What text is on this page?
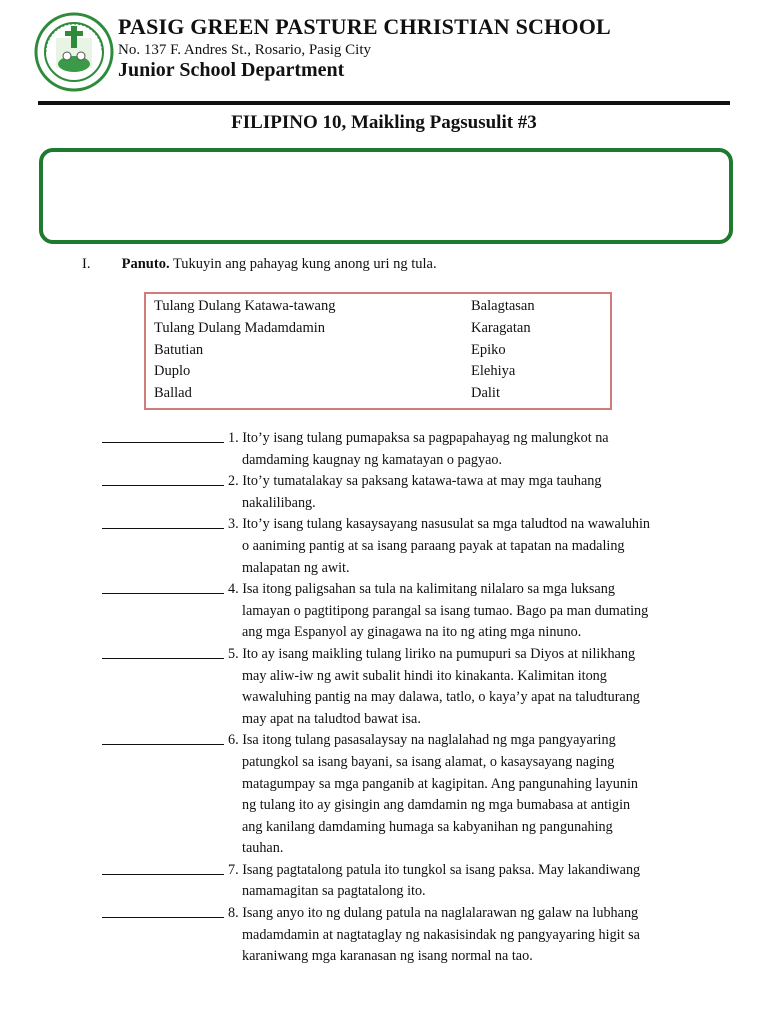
PASIG GREEN PASTURE CHRISTIAN SCHOOL
No. 137 F. Andres St., Rosario, Pasig City
Junior School Department
FILIPINO 10, Maikling Pagsusulit #3
I. Panuto. Tukuyin ang pahayag kung anong uri ng tula.
Tulang Dulang Katawa-tawang
Tulang Dulang Madamdamin
Batutian
Duplo
Ballad
Balagtasan
Karagatan
Epiko
Elehiya
Dalit
1. Ito’y isang tulang pumapaksa sa pagpapahayag ng malungkot na
damdaming kaugnay ng kamatayan o pagyao.
2. Ito’y tumatalakay sa paksang katawa-tawa at may mga tauhang
nakalilibang.
3. Ito’y isang tulang kasaysayang nasusulat sa mga taludtod na wawaluhin
o aaniming pantig at sa isang paraang payak at tapatan na madaling
malapatan ng awit.
4. Isa itong paligsahan sa tula na kalimitang nilalaro sa mga luksang
lamayan o pagtitipong parangal sa isang tumao. Bago pa man dumating
ang mga Espanyol ay ginagawa na ito ng ating mga ninuno.
5. Ito ay isang maikling tulang liriko na pumupuri sa Diyos at nilikhang
may aliw-iw ng awit subalit hindi ito kinakanta. Kalimitan itong
wawaluhing pantig na may dalawa, tatlo, o kaya’y apat na taludturang
may apat na taludtod bawat isa.
6. Isa itong tulang pasasalaysay na naglalahad ng mga pangyayaring
patungkol sa isang bayani, sa isang alamat, o kasaysayang naging
matagumpay sa mga panganib at kagipitan. Ang pangunahing layunin
ng tulang ito ay gisingin ang damdamin ng mga bumabasa at antigin
ang kanilang damdaming humaga sa kabyanihan ng pangunahing
tauhan.
7. Isang pagtatalong patula ito tungkol sa isang paksa. May lakandiwang
namamagitan sa pagtatalong ito.
8. Isang anyo ito ng dulang patula na naglalarawan ng galaw na lubhang
madamdamin at nagtataglay ng nakasisindak ng pangyayaring higit sa
karaniwang mga karanasan ng isang normal na tao.
